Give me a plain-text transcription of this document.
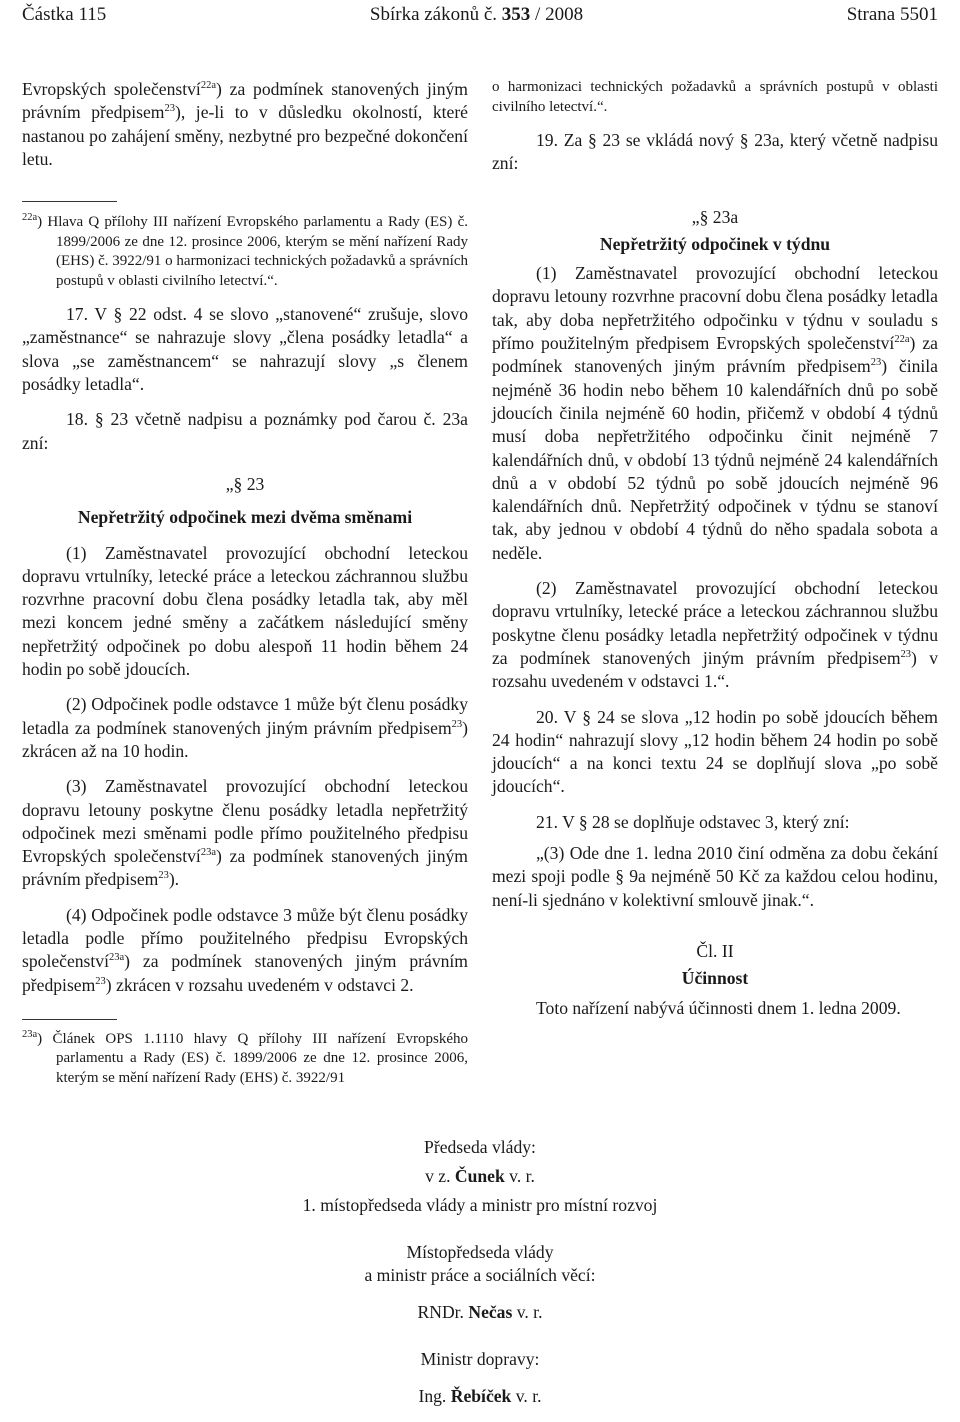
Částka 115	Sbírka zákonů č. 353 / 2008	Strana 5501

Evropských společenství$^{22a}$) za podmínek stanovených jiným právním předpisem$^{23}$), je-li to v důsledku okolností, které nastanou po zahájení směny, nezbytné pro bezpečné dokončení letu.

$^{22a}$) Hlava Q přílohy III nařízení Evropského parlamentu a Rady (ES) č. 1899/2006 ze dne 12. prosince 2006, kterým se mění nařízení Rady (EHS) č. 3922/91 o harmonizaci technických požadavků a správních postupů v oblasti civilního letectví.“.

17. V § 22 odst. 4 se slovo „stanovené“ zrušuje, slovo „zaměstnance“ se nahrazuje slovy „člena posádky letadla“ a slova „se zaměstnancem“ se nahrazují slovy „s členem posádky letadla“.

18. § 23 včetně nadpisu a poznámky pod čarou č. 23a zní:

„§ 23

Nepřetržitý odpočinek mezi dvěma směnami

(1) Zaměstnavatel provozující obchodní leteckou dopravu vrtulníky, letecké práce a leteckou záchrannou službu rozvrhne pracovní dobu člena posádky letadla tak, aby měl mezi koncem jedné směny a začátkem následující směny nepřetržitý odpočinek po dobu alespoň 11 hodin během 24 hodin po sobě jdoucích.

(2) Odpočinek podle odstavce 1 může být členu posádky letadla za podmínek stanovených jiným právním předpisem$^{23}$) zkrácen až na 10 hodin.

(3) Zaměstnavatel provozující obchodní leteckou dopravu letouny poskytne členu posádky letadla nepřetržitý odpočinek mezi směnami podle přímo použitelného předpisu Evropských společenství$^{23a}$) za podmínek stanovených jiným právním předpisem$^{23}$).

(4) Odpočinek podle odstavce 3 může být členu posádky letadla podle přímo použitelného předpisu Evropských společenství$^{23a}$) za podmínek stanovených jiným právním předpisem$^{23}$) zkrácen v rozsahu uvedeném v odstavci 2.

$^{23a}$) Článek OPS 1.1110 hlavy Q přílohy III nařízení Evropského parlamentu a Rady (ES) č. 1899/2006 ze dne 12. prosince 2006, kterým se mění nařízení Rady (EHS) č. 3922/91

o harmonizaci technických požadavků a správních postupů v oblasti civilního letectví.“.

19. Za § 23 se vkládá nový § 23a, který včetně nadpisu zní:

„§ 23a

Nepřetržitý odpočinek v týdnu

(1) Zaměstnavatel provozující obchodní leteckou dopravu letouny rozvrhne pracovní dobu člena posádky letadla tak, aby doba nepřetržitého odpočinku v týdnu v souladu s přímo použitelným předpisem Evropských společenství$^{22a}$) za podmínek stanovených jiným právním předpisem$^{23}$) činila nejméně 36 hodin nebo během 10 kalendářních dnů po sobě jdoucích činila nejméně 60 hodin, přičemž v období 4 týdnů musí doba nepřetržitého odpočinku činit nejméně 7 kalendářních dnů, v období 13 týdnů nejméně 24 kalendářních dnů a v období 52 týdnů po sobě jdoucích nejméně 96 kalendářních dnů. Nepřetržitý odpočinek v týdnu se stanoví tak, aby jednou v období 4 týdnů do něho spadala sobota a neděle.

(2) Zaměstnavatel provozující obchodní leteckou dopravu vrtulníky, letecké práce a leteckou záchrannou službu poskytne členu posádky letadla nepřetržitý odpočinek v týdnu za podmínek stanovených jiným právním předpisem$^{23}$) v rozsahu uvedeném v odstavci 1.“.

20. V § 24 se slova „12 hodin po sobě jdoucích během 24 hodin“ nahrazují slovy „12 hodin během 24 hodin po sobě jdoucích“ a na konci textu 24 se doplňují slova „po sobě jdoucích“.

21. V § 28 se doplňuje odstavec 3, který zní:

„(3) Ode dne 1. ledna 2010 činí odměna za dobu čekání mezi spoji podle § 9a nejméně 50 Kč za každou celou hodinu, není-li sjednáno v kolektivní smlouvě jinak.“.

Čl. II

Účinnost

Toto nařízení nabývá účinnosti dnem 1. ledna 2009.

Předseda vlády:
v z. Čunek v. r.
1. místopředseda vlády a ministr pro místní rozvoj
Místopředseda vlády
a ministr práce a sociálních věcí:
RNDr. Nečas v. r.
Ministr dopravy:
Ing. Řebíček v. r.
